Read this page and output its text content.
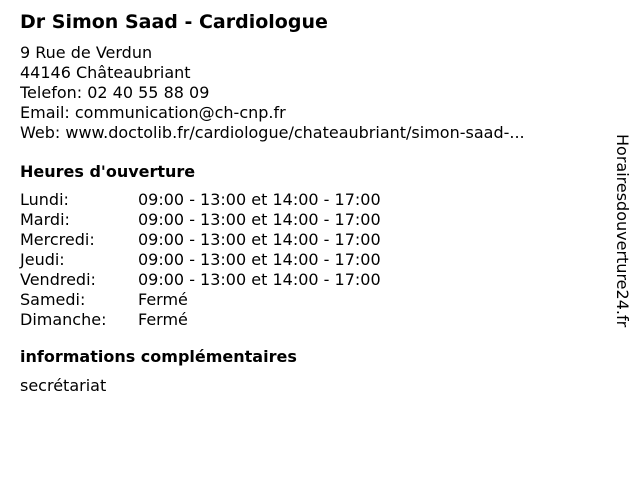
Dr Simon Saad - Cardiologue
9 Rue de Verdun
44146 Châteaubriant
Telefon: 02 40 55 88 09
Email: communication@ch-cnp.fr
Web: www.doctolib.fr/cardiologue/chateaubriant/simon-saad-...
Heures d'ouverture
Lundi:	09:00 - 13:00 et 14:00 - 17:00
Mardi:	09:00 - 13:00 et 14:00 - 17:00
Mercredi:	09:00 - 13:00 et 14:00 - 17:00
Jeudi:	09:00 - 13:00 et 14:00 - 17:00
Vendredi:	09:00 - 13:00 et 14:00 - 17:00
Samedi:	Fermé
Dimanche:	Fermé
informations complémentaires
secrétariat
Horairesdouverture24.fr
